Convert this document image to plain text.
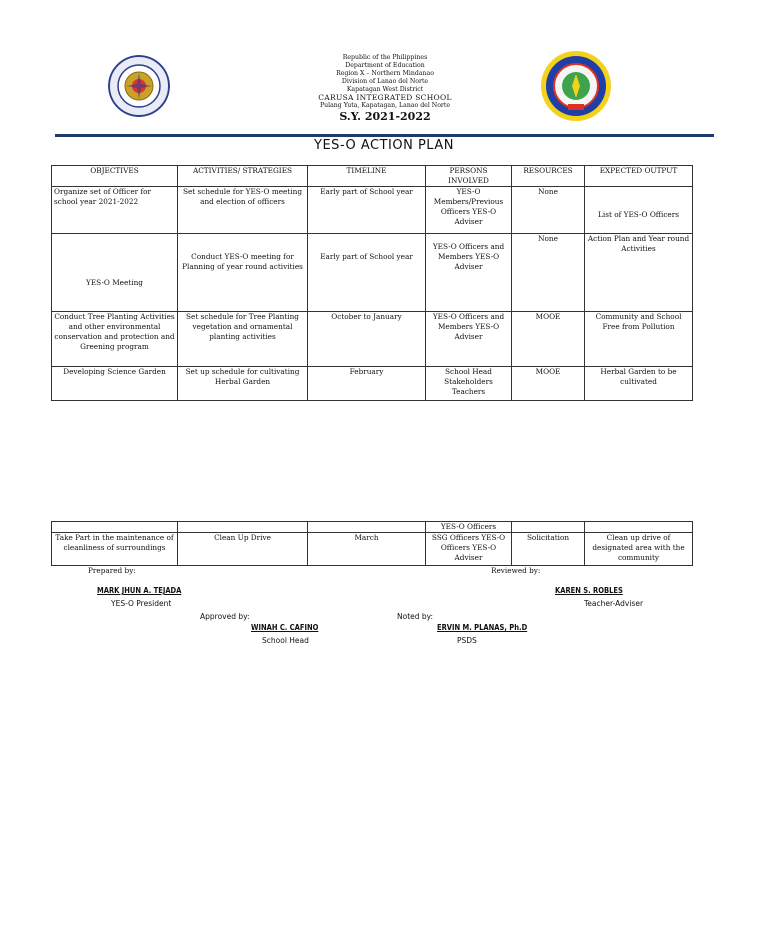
Republic of the Philippines
Department of Education
Region X – Northern Mindanao
Division of Lanao del Norte
Kapatagan West District
CARUSA INTEGRATED SCHOOL
Pulang Yuta, Kapatagan, Lanao del Norte
S.Y. 2021-2022
YES-O ACTION PLAN
OBJECTIVES	ACTIVITIES/ STRATEGIES	TIMELINE	PERSONS INVOLVED	RESOURCES	EXPECTED OUTPUT
Organize set of Officer for school year 2021-2022	Set schedule for YES-O meeting and election of officers	Early part of School year	YES-O Members/Previous Officers YES-O Adviser	None	List of YES-O Officers
YES-O Meeting	Conduct YES-O meeting for Planning of year round activities	Early part of School year	YES-O Officers and Members YES-O Adviser	None	Action Plan and Year round Activities
Conduct Tree Planting Activities and other environmental conservation and protection and Greening program	Set schedule for Tree Planting vegetation and ornamental planting activities	October to January	YES-O Officers and Members YES-O Adviser	MOOE	Community and School Free from Pollution
Developing Science Garden	Set up schedule for cultivating Herbal Garden	February	School Head Stakeholders Teachers	MOOE	Herbal Garden to be cultivated
			YES-O Officers		
Take Part in the maintenance of cleanliness of surroundings	Clean Up Drive	March	SSG Officers YES-O Officers YES-O Adviser	Solicitation	Clean up drive of designated area with the community
Prepared by:	Reviewed by:
MARK JHUN A. TEJADA
YES-O President
KAREN S. ROBLES
Teacher-Adviser
Approved by:	Noted by:
WINAH C. CAFINO
School Head
ERVIN M. PLANAS, Ph.D
PSDS
